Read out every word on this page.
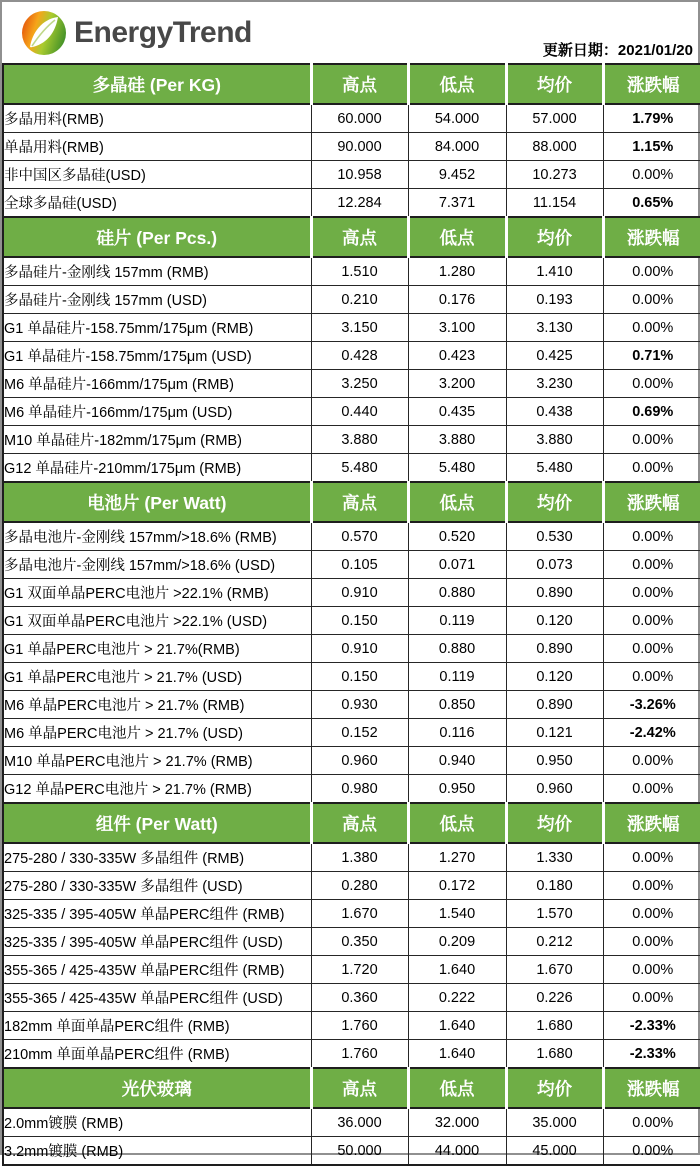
EnergyTrend
更新日期：2021/01/20
多晶硅 (Per KG)	高点	低点	均价	涨跌幅
多晶用料(RMB)	60.000	54.000	57.000	1.79%
单晶用料(RMB)	90.000	84.000	88.000	1.15%
非中国区多晶硅(USD)	10.958	9.452	10.273	0.00%
全球多晶硅(USD)	12.284	7.371	11.154	0.65%
硅片 (Per Pcs.)	高点	低点	均价	涨跌幅
多晶硅片-金刚线 157mm (RMB)	1.510	1.280	1.410	0.00%
多晶硅片-金刚线 157mm (USD)	0.210	0.176	0.193	0.00%
G1 单晶硅片-158.75mm/175μm (RMB)	3.150	3.100	3.130	0.00%
G1 单晶硅片-158.75mm/175μm (USD)	0.428	0.423	0.425	0.71%
M6 单晶硅片-166mm/175μm (RMB)	3.250	3.200	3.230	0.00%
M6 单晶硅片-166mm/175μm (USD)	0.440	0.435	0.438	0.69%
M10 单晶硅片-182mm/175μm (RMB)	3.880	3.880	3.880	0.00%
G12 单晶硅片-210mm/175μm (RMB)	5.480	5.480	5.480	0.00%
电池片 (Per Watt)	高点	低点	均价	涨跌幅
多晶电池片-金刚线 157mm/>18.6% (RMB)	0.570	0.520	0.530	0.00%
多晶电池片-金刚线 157mm/>18.6% (USD)	0.105	0.071	0.073	0.00%
G1 双面单晶PERC电池片 >22.1% (RMB)	0.910	0.880	0.890	0.00%
G1 双面单晶PERC电池片 >22.1% (USD)	0.150	0.119	0.120	0.00%
G1 单晶PERC电池片 > 21.7%(RMB)	0.910	0.880	0.890	0.00%
G1 单晶PERC电池片 > 21.7% (USD)	0.150	0.119	0.120	0.00%
M6 单晶PERC电池片 > 21.7% (RMB)	0.930	0.850	0.890	-3.26%
M6 单晶PERC电池片 > 21.7% (USD)	0.152	0.116	0.121	-2.42%
M10 单晶PERC电池片 > 21.7% (RMB)	0.960	0.940	0.950	0.00%
G12 单晶PERC电池片 > 21.7% (RMB)	0.980	0.950	0.960	0.00%
组件 (Per Watt)	高点	低点	均价	涨跌幅
275-280 / 330-335W 多晶组件 (RMB)	1.380	1.270	1.330	0.00%
275-280 / 330-335W 多晶组件 (USD)	0.280	0.172	0.180	0.00%
325-335 / 395-405W 单晶PERC组件 (RMB)	1.670	1.540	1.570	0.00%
325-335 / 395-405W 单晶PERC组件 (USD)	0.350	0.209	0.212	0.00%
355-365 / 425-435W 单晶PERC组件 (RMB)	1.720	1.640	1.670	0.00%
355-365 / 425-435W 单晶PERC组件 (USD)	0.360	0.222	0.226	0.00%
182mm 单面单晶PERC组件 (RMB)	1.760	1.640	1.680	-2.33%
210mm 单面单晶PERC组件 (RMB)	1.760	1.640	1.680	-2.33%
光伏玻璃	高点	低点	均价	涨跌幅
2.0mm镀膜 (RMB)	36.000	32.000	35.000	0.00%
3.2mm镀膜 (RMB)	50.000	44.000	45.000	0.00%
